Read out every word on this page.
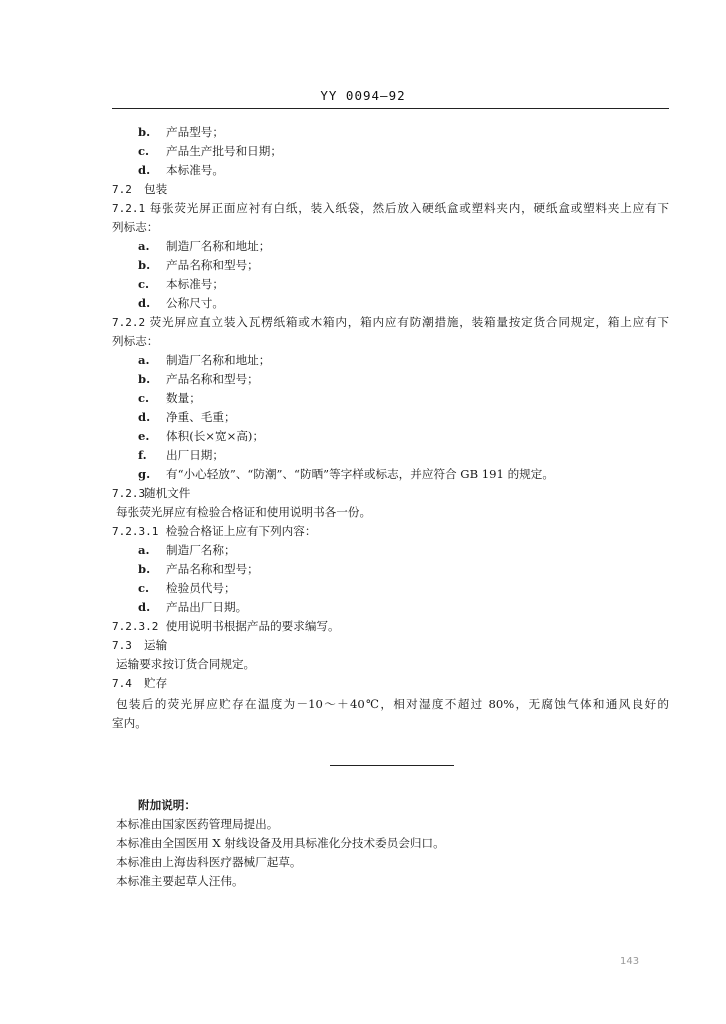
YY 0094—92
b. 产品型号；
c. 产品生产批号和日期；
d. 本标准号。
7.2 包装
7.2.1 每张荧光屏正面应衬有白纸，装入纸袋，然后放入硬纸盒或塑料夹内，硬纸盒或塑料夹上应有下
列标志：
a. 制造厂名称和地址；
b. 产品名称和型号；
c. 本标准号；
d. 公称尺寸。
7.2.2 荧光屏应直立装入瓦楞纸箱或木箱内，箱内应有防潮措施，装箱量按定货合同规定，箱上应有下
列标志：
a. 制造厂名称和地址；
b. 产品名称和型号；
c. 数量；
d. 净重、毛重；
e. 体积(长×宽×高)；
f. 出厂日期；
g. 有“小心轻放”、“防潮”、“防晒”等字样或标志，并应符合 GB 191 的规定。
7.2.3随机文件
每张荧光屏应有检验合格证和使用说明书各一份。
7.2.3.1 检验合格证上应有下列内容：
a. 制造厂名称；
b. 产品名称和型号；
c. 检验员代号；
d. 产品出厂日期。
7.2.3.2 使用说明书根据产品的要求编写。
7.3 运输
运输要求按订货合同规定。
7.4 贮存
包装后的荧光屏应贮存在温度为－10～＋40℃，相对湿度不超过 80%，无腐蚀气体和通风良好的
室内。
附加说明：
本标准由国家医药管理局提出。
本标准由全国医用 X 射线设备及用具标准化分技术委员会归口。
本标准由上海齿科医疗器械厂起草。
本标准主要起草人汪伟。
143
